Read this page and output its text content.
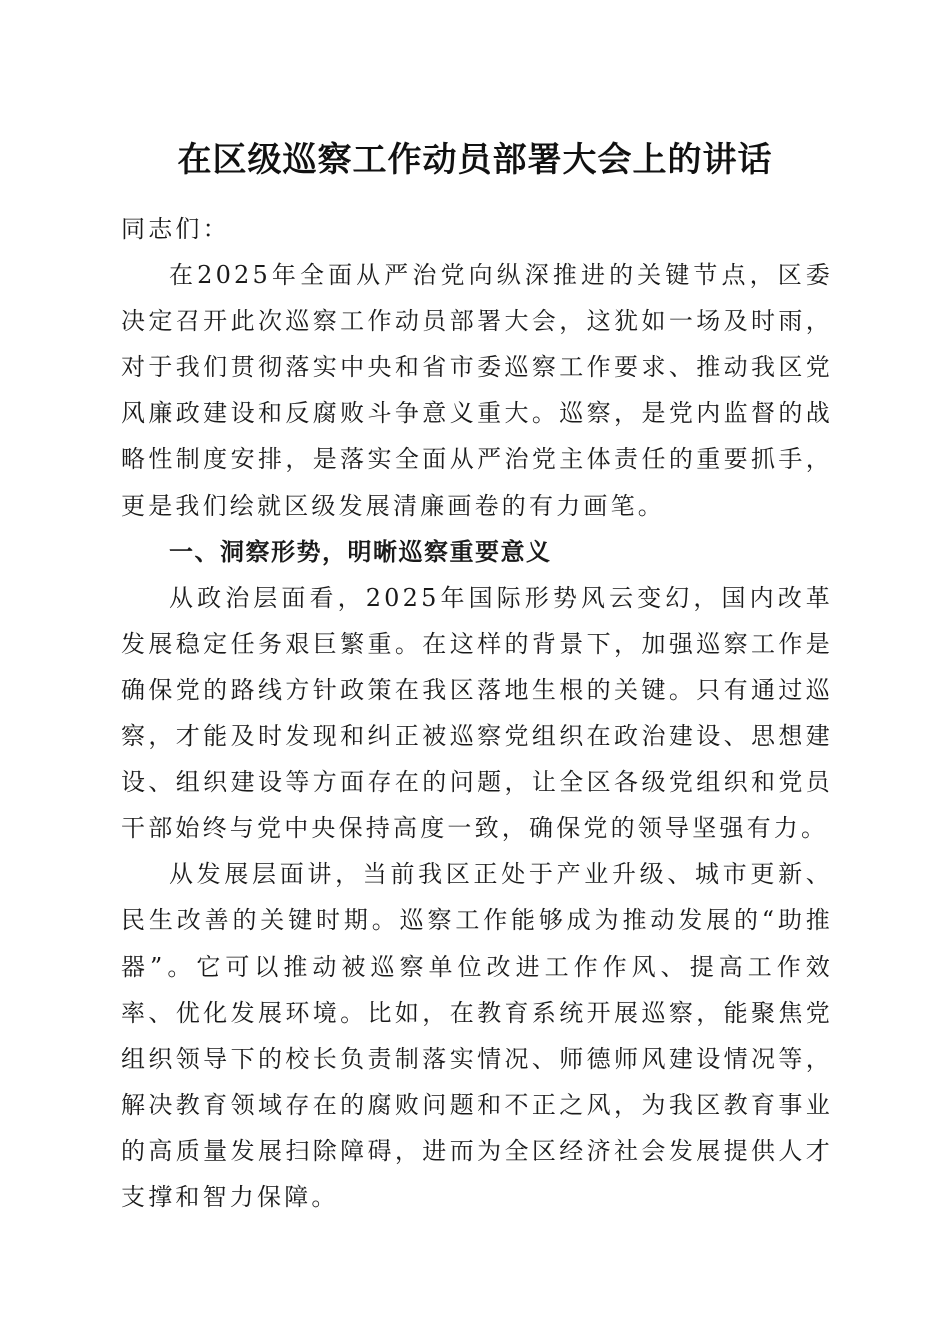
在区级巡察工作动员部署大会上的讲话

同志们：

在2025年全面从严治党向纵深推进的关键节点，区委决定召开此次巡察工作动员部署大会，这犹如一场及时雨，对于我们贯彻落实中央和省市委巡察工作要求、推动我区党风廉政建设和反腐败斗争意义重大。巡察，是党内监督的战略性制度安排，是落实全面从严治党主体责任的重要抓手，更是我们绘就区级发展清廉画卷的有力画笔。

一、洞察形势，明晰巡察重要意义

从政治层面看，2025年国际形势风云变幻，国内改革发展稳定任务艰巨繁重。在这样的背景下，加强巡察工作是确保党的路线方针政策在我区落地生根的关键。只有通过巡察，才能及时发现和纠正被巡察党组织在政治建设、思想建设、组织建设等方面存在的问题，让全区各级党组织和党员干部始终与党中央保持高度一致，确保党的领导坚强有力。

从发展层面讲，当前我区正处于产业升级、城市更新、民生改善的关键时期。巡察工作能够成为推动发展的“助推器”。它可以推动被巡察单位改进工作作风、提高工作效率、优化发展环境。比如，在教育系统开展巡察，能聚焦党组织领导下的校长负责制落实情况、师德师风建设情况等，解决教育领域存在的腐败问题和不正之风，为我区教育事业的高质量发展扫除障碍，进而为全区经济社会发展提供人才支撑和智力保障。
